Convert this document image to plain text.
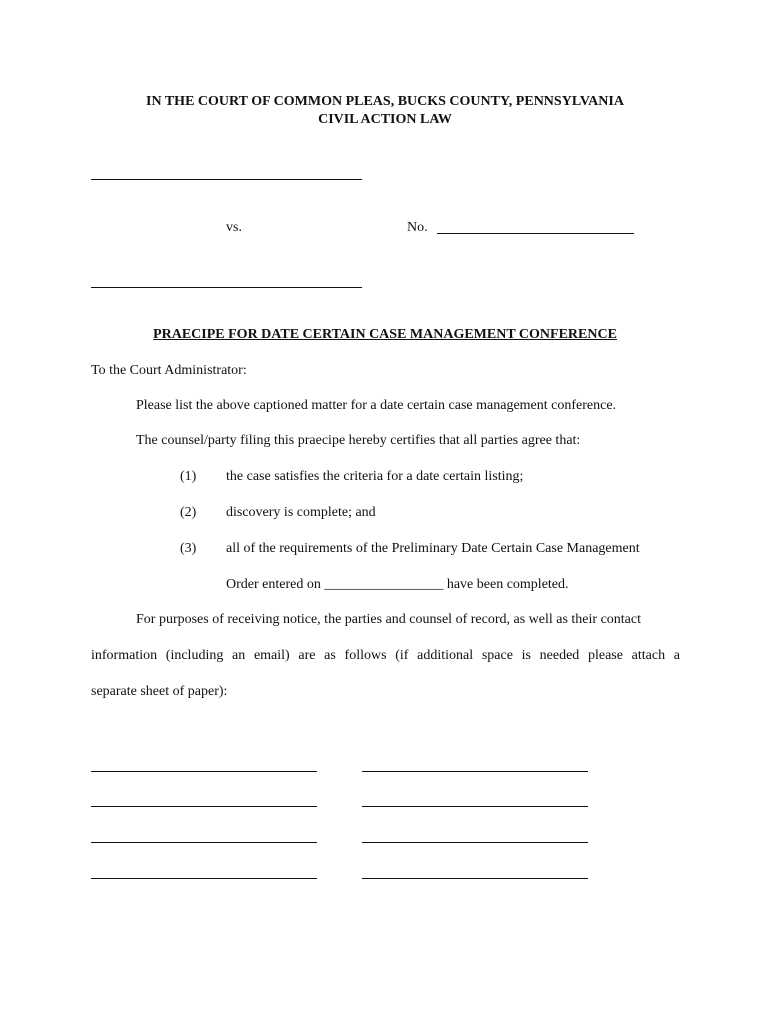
IN THE COURT OF COMMON PLEAS, BUCKS COUNTY, PENNSYLVANIA
CIVIL ACTION LAW
vs.	No.
PRAECIPE FOR DATE CERTAIN CASE MANAGEMENT CONFERENCE
To the Court Administrator:
Please list the above captioned matter for a date certain case management conference.
The counsel/party filing this praecipe hereby certifies that all parties agree that:
(1) the case satisfies the criteria for a date certain listing;
(2) discovery is complete; and
(3) all of the requirements of the Preliminary Date Certain Case Management
Order entered on _________________ have been completed.
For purposes of receiving notice, the parties and counsel of record, as well as their contact
information (including an email) are as follows (if additional space is needed please attach a
separate sheet of paper):
